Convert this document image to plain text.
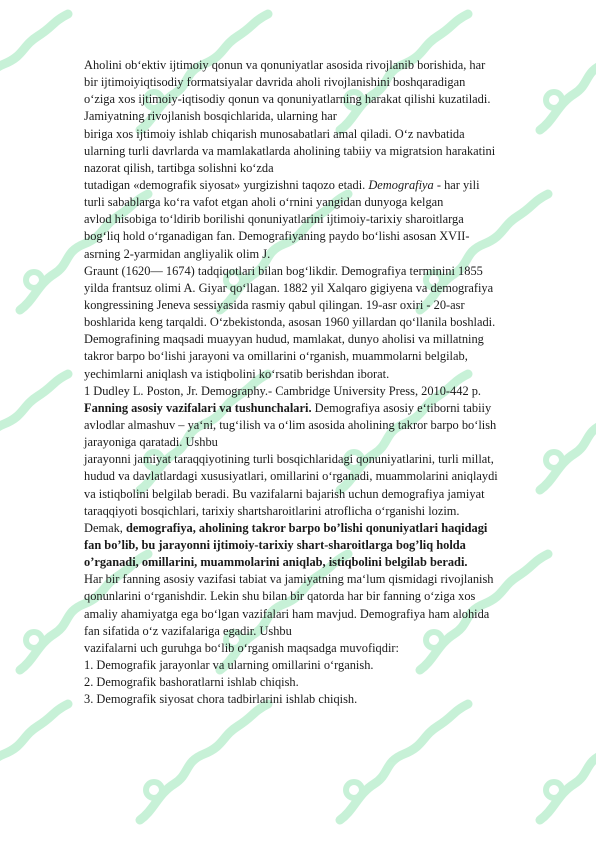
Aholini ob‘ektiv ijtimoiy qonun va qonuniyatlar asosida rivojlanib borishida, har
bir ijtimoiyiqtisodiy formatsiyalar davrida aholi rivojlanishini boshqaradigan
o‘ziga xos ijtimoiy-iqtisodiy qonun va qonuniyatlarning harakat qilishi kuzatiladi.
Jamiyatning rivojlanish bosqichlarida, ularning har
biriga xos ijtimoiy ishlab chiqarish munosabatlari amal qiladi. O‘z navbatida
ularning turli davrlarda va mamlakatlarda aholining tabiiy va migratsion harakatini
nazorat qilish, tartibga solishni ko‘zda
tutadigan «demografik siyosat» yurgizishni taqozo etadi. Demografiya - har yili
turli sabablarga ko‘ra vafot etgan aholi o‘rnini yangidan dunyoga kelgan
avlod hisobiga to‘ldirib borilishi qonuniyatlarini ijtimoiy-tarixiy sharoitlarga
bog‘liq hold o‘rganadigan fan. Demografiyaning paydo bo‘lishi asosan XVII-
asrning 2-yarmidan angliyalik olim J.
Graunt (1620— 1674) tadqiqotlari bilan bog‘likdir. Demografiya terminini 1855
yilda frantsuz olimi A. Giyar qo‘llagan. 1882 yil Xalqaro gigiyena va demografiya
kongressining Jeneva sessiyasida rasmiy qabul qilingan. 19-asr oxiri - 20-asr
boshlarida keng tarqaldi. O‘zbekistonda, asosan 1960 yillardan qo‘llanila boshladi.
Demografining maqsadi muayyan hudud, mamlakat, dunyo aholisi va millatning
takror barpo bo‘lishi jarayoni va omillarini o‘rganish, muammolarni belgilab,
yechimlarni aniqlash va istiqbolini ko‘rsatib berishdan iborat.
1 Dudley L. Poston, Jr. Demography.- Cambridge University Press, 2010-442 p.
Fanning asosiy vazifalari va tushunchalari. Demografiya asosiy e‘tiborni tabiiy
avlodlar almashuv – ya‘ni, tug‘ilish va o‘lim asosida aholining takror barpo bo‘lish
jarayoniga qaratadi. Ushbu
jarayonni jamiyat taraqqiyotining turli bosqichlaridagi qonuniyatlarini, turli millat,
hudud va davlatlardagi xususiyatlari, omillarini o‘rganadi, muammolarini aniqlaydi
va istiqbolini belgilab beradi. Bu vazifalarni bajarish uchun demografiya jamiyat
taraqqiyoti bosqichlari, tarixiy shartsharoitlarini atroflicha o‘rganishi lozim.
Demak, demografiya, aholining takror barpo bo’lishi qonuniyatlari haqidagi
fan bo’lib, bu jarayonni ijtimoiy-tarixiy shart-sharoitlarga bog’liq holda
o’rganadi, omillarini, muammolarini aniqlab, istiqbolini belgilab beradi.
Har bir fanning asosiy vazifasi tabiat va jamiyatning ma‘lum qismidagi rivojlanish
qonunlarini o‘rganishdir. Lekin shu bilan bir qatorda har bir fanning o‘ziga xos
amaliy ahamiyatga ega bo‘lgan vazifalari ham mavjud. Demografiya ham alohida
fan sifatida o‘z vazifalariga egadir. Ushbu
vazifalarni uch guruhga bo‘lib o‘rganish maqsadga muvofiqdir:
1. Demografik jarayonlar va ularning omillarini o‘rganish.
2. Demografik bashoratlarni ishlab chiqish.
3. Demografik siyosat chora tadbirlarini ishlab chiqish.
